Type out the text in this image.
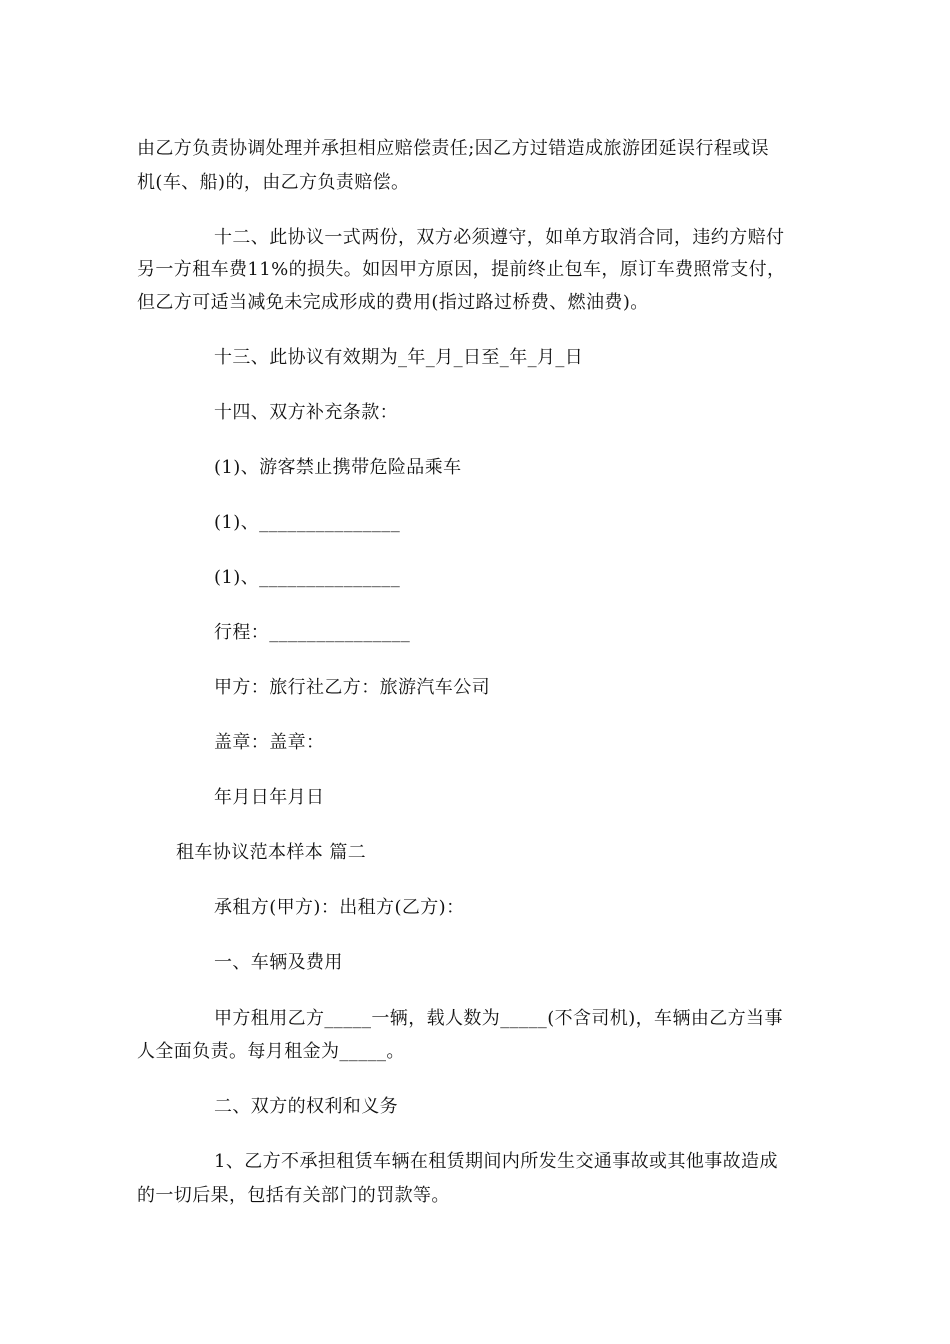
由乙方负责协调处理并承担相应赔偿责任;因乙方过错造成旅游团延误行程或误
机(车、船)的，由乙方负责赔偿。
十二、此协议一式两份，双方必须遵守，如单方取消合同，违约方赔付
另一方租车费11%的损失。如因甲方原因，提前终止包车，原订车费照常支付，
但乙方可适当减免未完成形成的费用(指过路过桥费、燃油费)。
十三、此协议有效期为_年_月_日至_年_月_日
十四、双方补充条款：
(1)、游客禁止携带危险品乘车
(1)、_______________
(1)、_______________
行程：_______________
甲方：旅行社乙方：旅游汽车公司
盖章：盖章：
年月日年月日
租车协议范本样本 篇二
承租方(甲方)：出租方(乙方)：
一、车辆及费用
甲方租用乙方_____一辆，载人数为_____(不含司机)，车辆由乙方当事
人全面负责。每月租金为_____。
二、双方的权利和义务
1、乙方不承担租赁车辆在租赁期间内所发生交通事故或其他事故造成
的一切后果，包括有关部门的罚款等。
